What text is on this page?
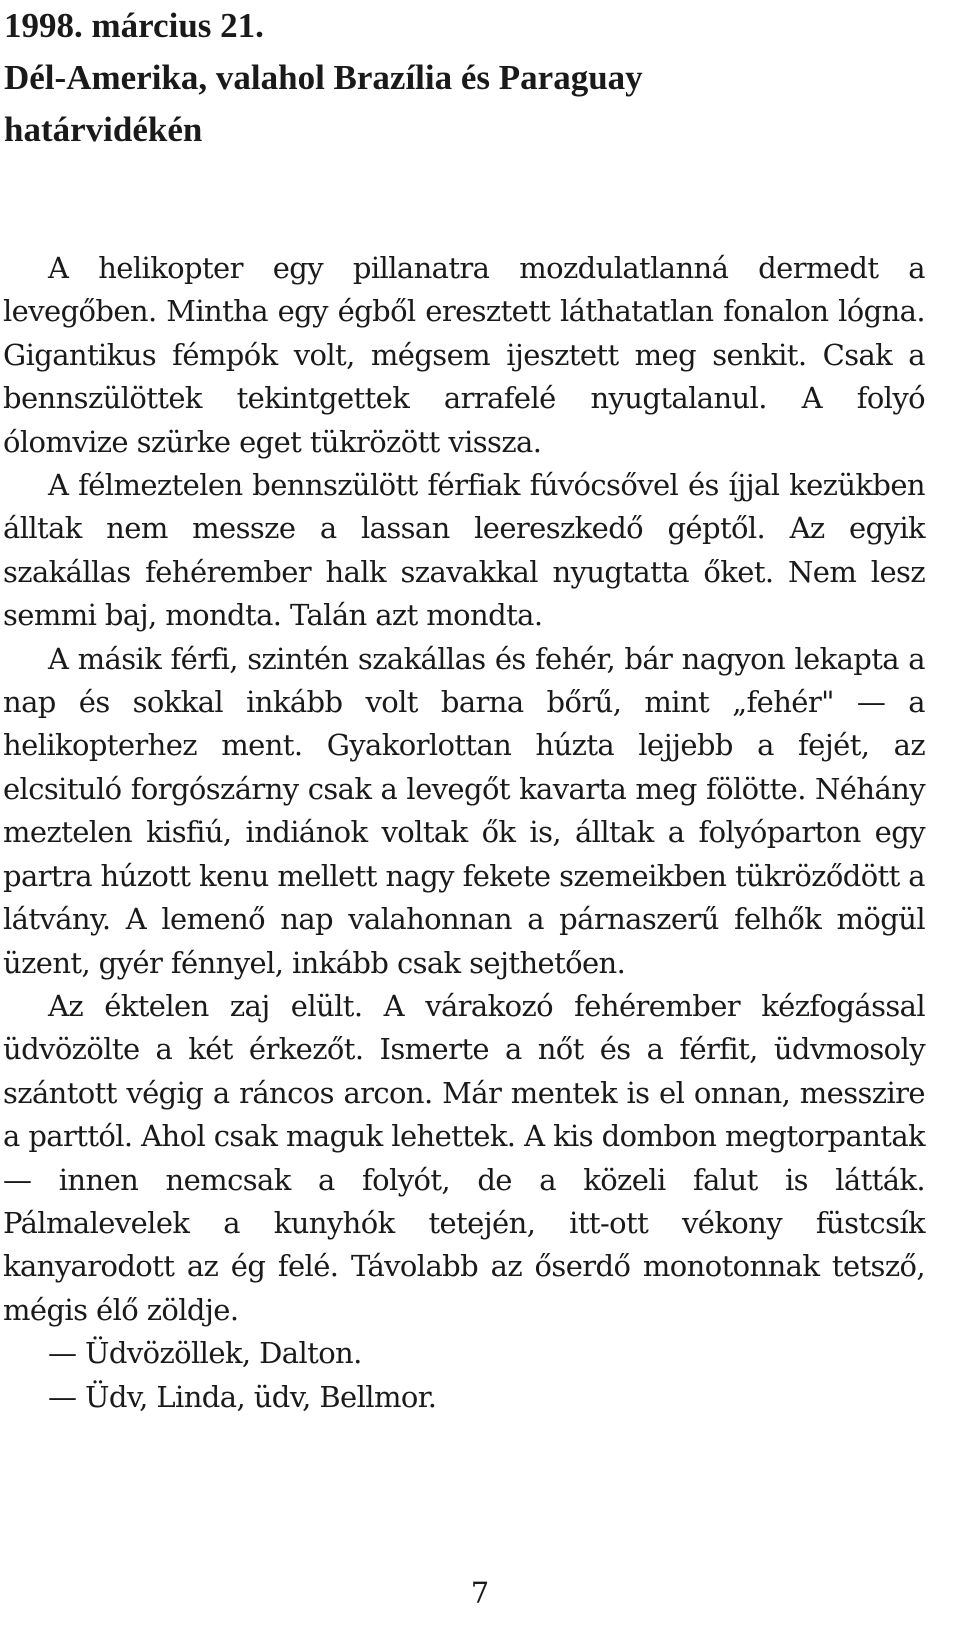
1998. március 21.
Dél-Amerika, valahol Brazília és Paraguay
határvidékén

A helikopter egy pillanatra mozdulatlanná dermedt a levegőben. Mintha egy égből eresztett láthatatlan fonalon lógna. Gigantikus fémpók volt, mégsem ijesztett meg senkit. Csak a bennszülöttek tekintgettek arrafelé nyugtalanul. A folyó ólomvize szürke eget tükrözött vissza.

A félmeztelen bennszülött férfiak fúvócsővel és íjjal kezükben álltak nem messze a lassan leereszkedő géptől. Az egyik szakállas fehérember halk szavakkal nyugtatta őket. Nem lesz semmi baj, mondta. Talán azt mondta.

A másik férfi, szintén szakállas és fehér, bár nagyon lekapta a nap és sokkal inkább volt barna bőrű, mint „fehér" — a helikopterhez ment. Gyakorlottan húzta lejjebb a fejét, az elcsituló forgószárny csak a levegőt kavarta meg fölötte. Néhány meztelen kisfiú, indiánok voltak ők is, álltak a folyóparton egy partra húzott kenu mellett nagy fekete szemeikben tükröződött a látvány. A lemenő nap valahonnan a párnaszerű felhők mögül üzent, gyér fénnyel, inkább csak sejthetően.

Az éktelen zaj elült. A várakozó fehérember kézfogással üdvözölte a két érkezőt. Ismerte a nőt és a férfit, üdvmosoly szántott végig a ráncos arcon. Már mentek is el onnan, messzire a parttól. Ahol csak maguk lehettek. A kis dombon megtorpantak — innen nemcsak a folyót, de a közeli falut is látták. Pálmalevelek a kunyhók tetején, itt-ott vékony füstcsík kanyarodott az ég felé. Távolabb az őserdő monotonnak tetsző, mégis élő zöldje.

— Üdvözöllek, Dalton.

— Üdv, Linda, üdv, Bellmor.

7
